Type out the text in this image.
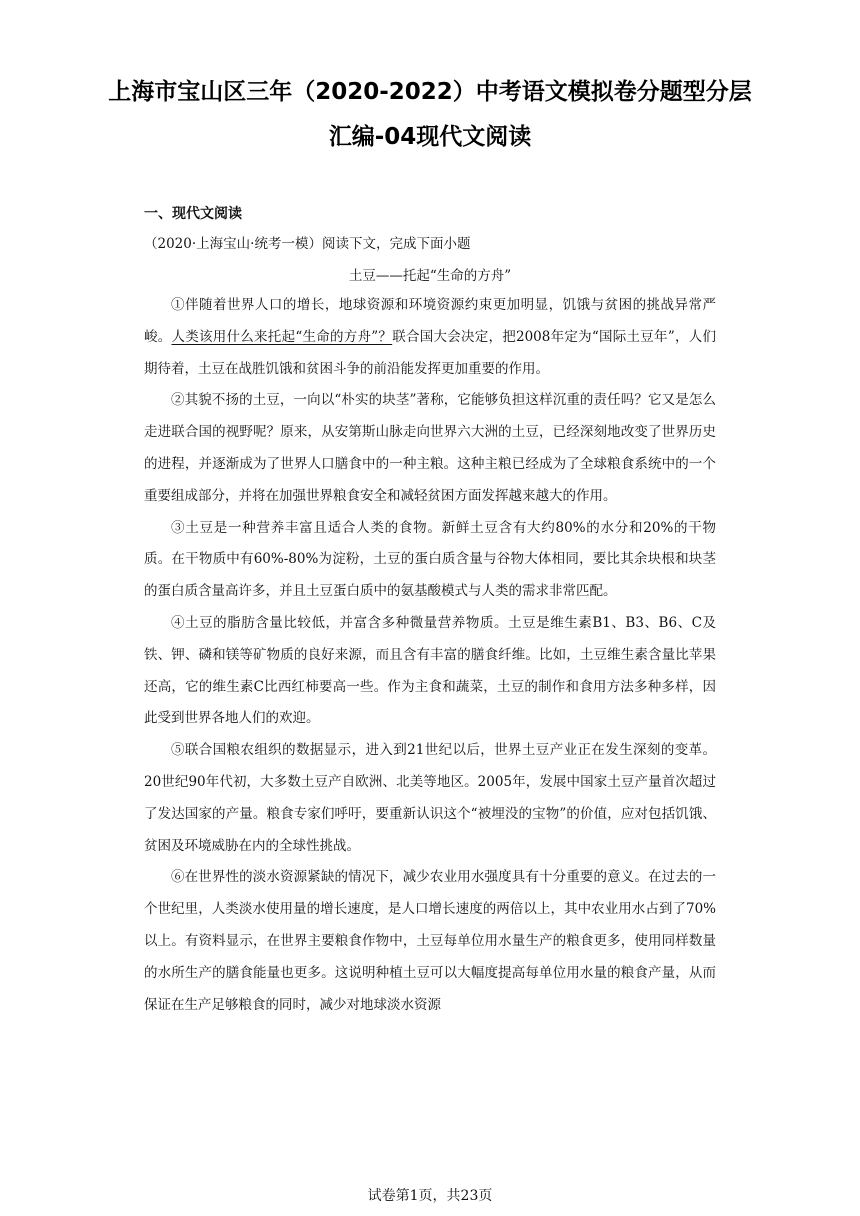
上海市宝山区三年（2020-2022）中考语文模拟卷分题型分层
汇编-04现代文阅读
一、现代文阅读
（2020·上海宝山·统考一模）阅读下文，完成下面小题
土豆——托起“生命的方舟”

①伴随着世界人口的增长，地球资源和环境资源约束更加明显，饥饿与贫困的挑战异常严峻。人类该用什么来托起“生命的方舟”？联合国大会决定，把2008年定为“国际土豆年”，人们期待着，土豆在战胜饥饿和贫困斗争的前沿能发挥更加重要的作用。

②其貌不扬的土豆，一向以“朴实的块茎”著称，它能够负担这样沉重的责任吗？它又是怎么走进联合国的视野呢？原来，从安第斯山脉走向世界六大洲的土豆，已经深刻地改变了世界历史的进程，并逐渐成为了世界人口膳食中的一种主粮。这种主粮已经成为了全球粮食系统中的一个重要组成部分，并将在加强世界粮食安全和减轻贫困方面发挥越来越大的作用。

③土豆是一种营养丰富且适合人类的食物。新鲜土豆含有大约80%的水分和20%的干物质。在干物质中有60%-80%为淀粉，土豆的蛋白质含量与谷物大体相同，要比其余块根和块茎的蛋白质含量高许多，并且土豆蛋白质中的氨基酸模式与人类的需求非常匹配。

④土豆的脂肪含量比较低，并富含多种微量营养物质。土豆是维生素B1、B3、B6、C及铁、钾、磷和镁等矿物质的良好来源，而且含有丰富的膳食纤维。比如，土豆维生素含量比苹果还高，它的维生素C比西红柿要高一些。作为主食和蔬菜，土豆的制作和食用方法多种多样，因此受到世界各地人们的欢迎。

⑤联合国粮农组织的数据显示，进入到21世纪以后，世界土豆产业正在发生深刻的变革。20世纪90年代初，大多数土豆产自欧洲、北美等地区。2005年，发展中国家土豆产量首次超过了发达国家的产量。粮食专家们呼吁，要重新认识这个“被埋没的宝物”的价值，应对包括饥饿、贫困及环境威胁在内的全球性挑战。

⑥在世界性的淡水资源紧缺的情况下，减少农业用水强度具有十分重要的意义。在过去的一个世纪里，人类淡水使用量的增长速度，是人口增长速度的两倍以上，其中农业用水占到了70%以上。有资料显示，在世界主要粮食作物中，土豆每单位用水量生产的粮食更多，使用同样数量的水所生产的膳食能量也更多。这说明种植土豆可以大幅度提高每单位用水量的粮食产量，从而保证在生产足够粮食的同时，减少对地球淡水资源

试卷第1页，共23页
